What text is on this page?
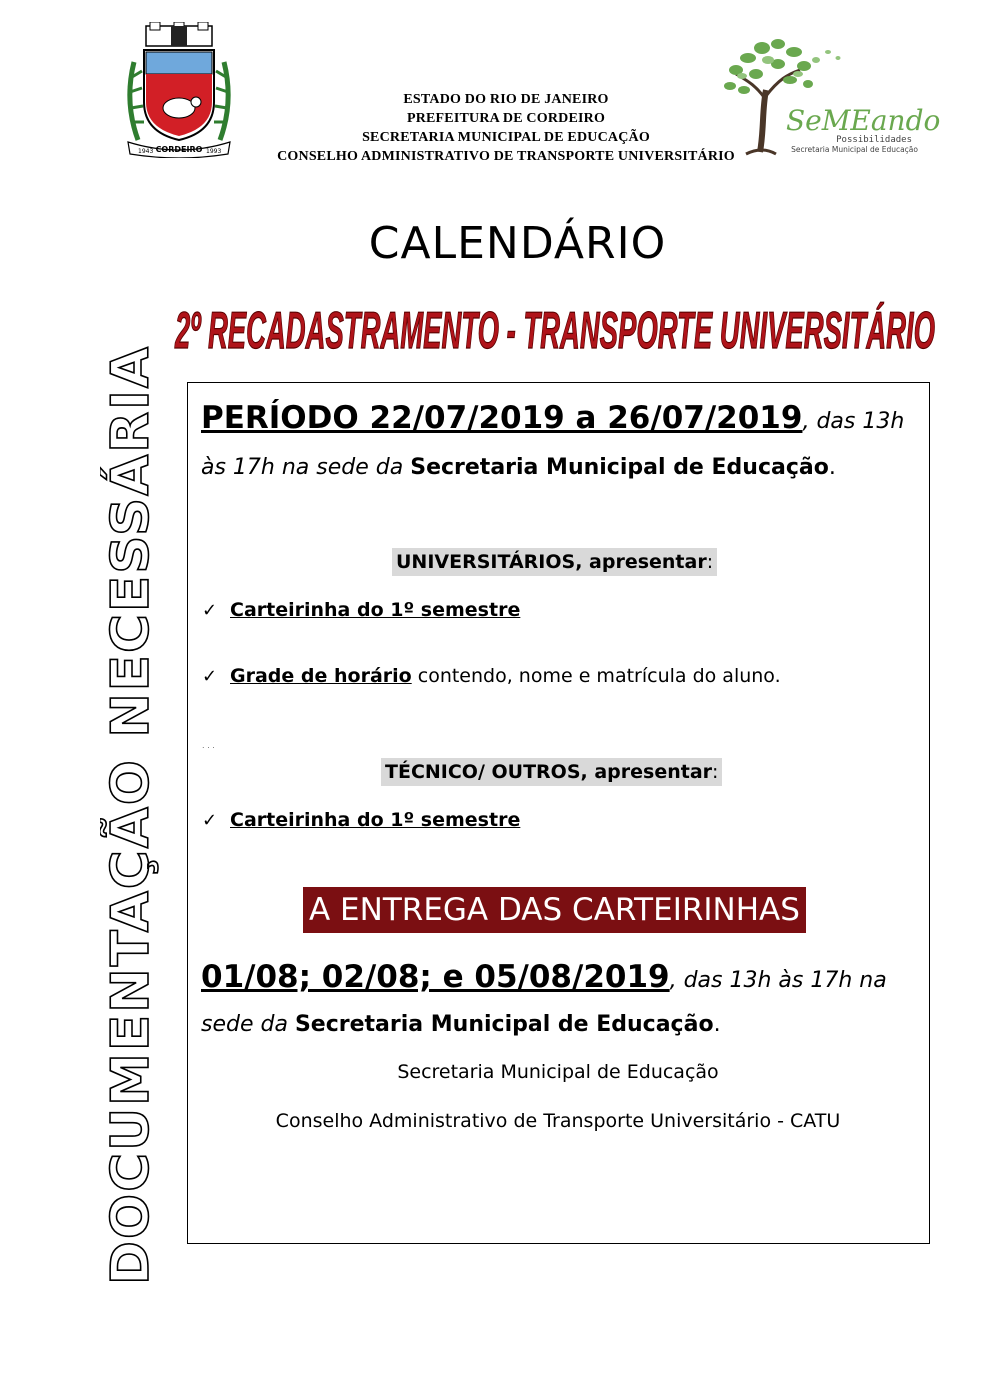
CORDEIRO
1943	1993
ESTADO DO RIO DE JANEIRO
PREFEITURA DE CORDEIRO
SECRETARIA MUNICIPAL DE EDUCAÇÃO
CONSELHO ADMINISTRATIVO DE TRANSPORTE UNIVERSITÁRIO
SeMEando
Possibilidades
Secretaria Municipal de Educação
CALENDÁRIO
2º RECADASTRAMENTO - TRANSPORTE UNIVERSITÁRIO
DOCUMENTAÇÃO NECESSÁRIA PERÍODO 22/07/2019 a 26/07/2019, das 13h às 17h na sede da Secretaria Municipal de Educação.
UNIVERSITÁRIOS, apresentar:
✓ Carteirinha do 1º semestre
✓ Grade de horário contendo, nome e matrícula do aluno.
. . .
TÉCNICO/ OUTROS, apresentar:
✓ Carteirinha do 1º semestre
A ENTREGA DAS CARTEIRINHAS
01/08; 02/08; e 05/08/2019, das 13h às 17h na sede da Secretaria Municipal de Educação.
Secretaria Municipal de Educação
Conselho Administrativo de Transporte Universitário - CATU
